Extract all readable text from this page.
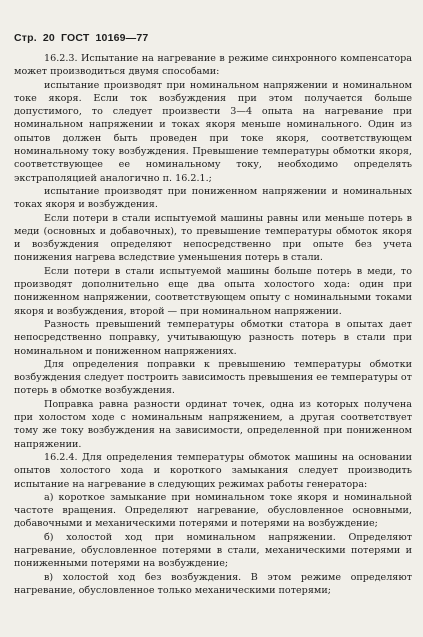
Стр. 20 ГОСТ 10169—77

16.2.3. Испытание на нагревание в режиме синхронного компенсатора может производиться двумя способами:

испытание производят при номинальном напряжении и номинальном токе якоря. Если ток возбуждения при этом получается больше допустимого, то следует произвести 3—4 опыта на нагревание при номинальном напряжении и токах якоря меньше номинального. Один из опытов должен быть проведен при токе якоря, соответствующем номинальному току возбуждения. Превышение температуры обмотки якоря, соответствующее ее номинальному току, необходимо определять экстраполяцией аналогично п. 16.2.1.;

испытание производят при пониженном напряжении и номинальных токах якоря и возбуждения.

Если потери в стали испытуемой машины равны или меньше потерь в меди (основных и добавочных), то превышение температуры обмоток якоря и возбуждения определяют непосредственно при опыте без учета понижения нагрева вследствие уменьшения потерь в стали.

Если потери в стали испытуемой машины больше потерь в меди, то производят дополнительно еще два опыта холостого хода: один при пониженном напряжении, соответствующем опыту с номинальными токами якоря и возбуждения, второй — при номинальном напряжении.

Разность превышений температуры обмотки статора в опытах дает непосредственно поправку, учитывающую разность потерь в стали при номинальном и пониженном напряжениях.

Для определения поправки к превышению температуры обмотки возбуждения следует построить зависимость превышения ее температуры от потерь в обмотке возбуждения.

Поправка равна разности ординат точек, одна из которых получена при холостом ходе с номинальным напряжением, а другая соответствует тому же току возбуждения на зависимости, определенной при пониженном напряжении.

16.2.4. Для определения температуры обмоток машины на основании опытов холостого хода и короткого замыкания следует производить испытание на нагревание в следующих режимах работы генератора:

а) короткое замыкание при номинальном токе якоря и номинальной частоте вращения. Определяют нагревание, обусловленное основными, добавочными и механическими потерями и потерями на возбуждение;

б) холостой ход при номинальном напряжении. Определяют нагревание, обусловленное потерями в стали, механическими потерями и пониженными потерями на возбуждение;

в) холостой ход без возбуждения. В этом режиме определяют нагревание, обусловленное только механическими потерями;
